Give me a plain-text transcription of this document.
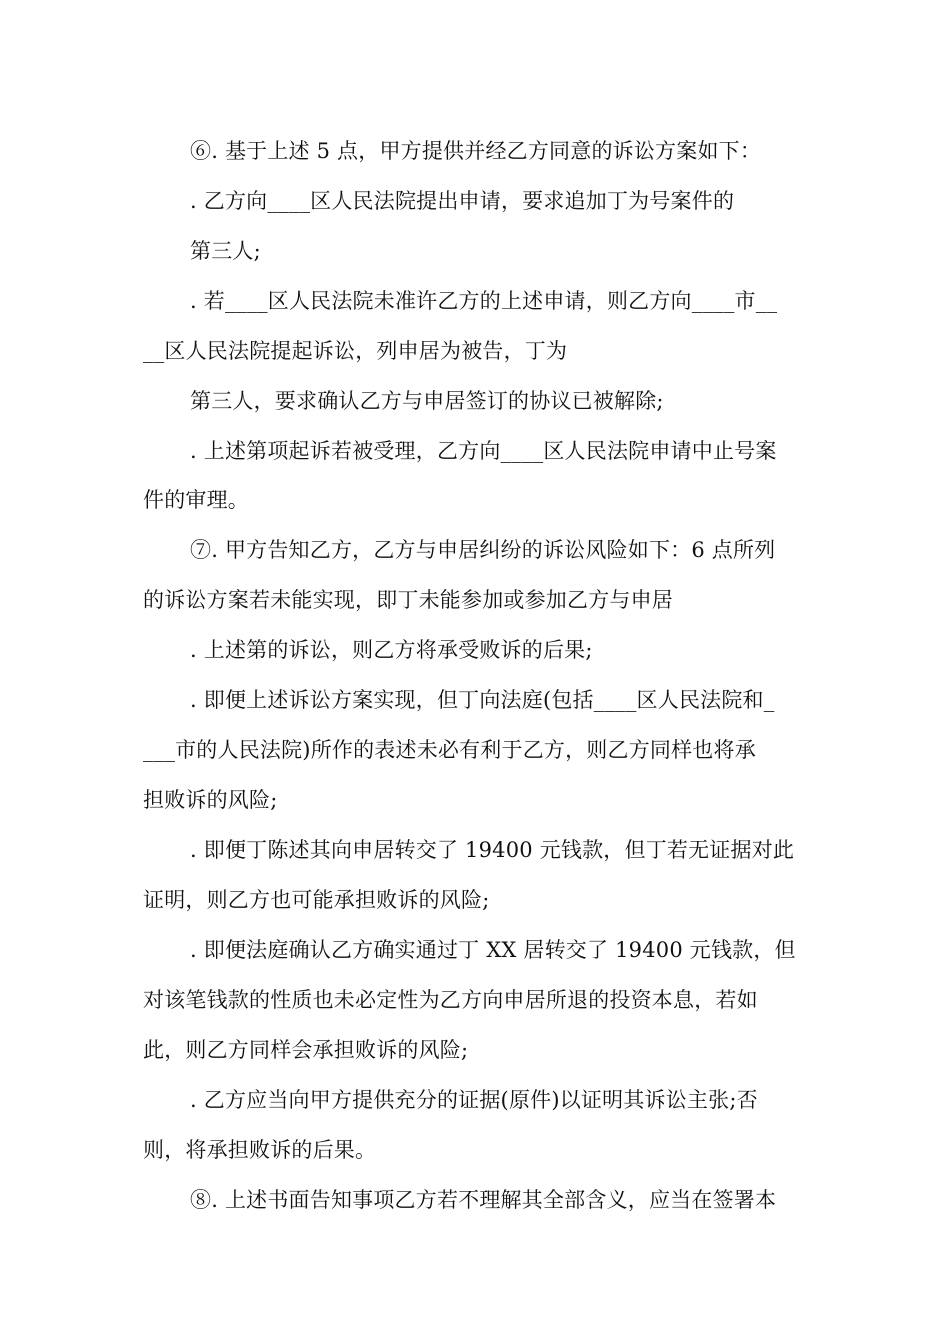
⑥. 基于上述 5 点，甲方提供并经乙方同意的诉讼方案如下：
. 乙方向____区人民法院提出申请，要求追加丁为号案件的
第三人;
. 若____区人民法院未准许乙方的上述申请，则乙方向____市__
__区人民法院提起诉讼，列申居为被告，丁为
第三人，要求确认乙方与申居签订的协议已被解除;
. 上述第项起诉若被受理，乙方向____区人民法院申请中止号案
件的审理。
⑦. 甲方告知乙方，乙方与申居纠纷的诉讼风险如下：6 点所列
的诉讼方案若未能实现，即丁未能参加或参加乙方与申居
. 上述第的诉讼，则乙方将承受败诉的后果;
. 即便上述诉讼方案实现，但丁向法庭(包括____区人民法院和_
___市的人民法院)所作的表述未必有利于乙方，则乙方同样也将承
担败诉的风险;
. 即便丁陈述其向申居转交了 19400 元钱款，但丁若无证据对此
证明，则乙方也可能承担败诉的风险;
. 即便法庭确认乙方确实通过丁 XX 居转交了 19400 元钱款，但
对该笔钱款的性质也未必定性为乙方向申居所退的投资本息，若如
此，则乙方同样会承担败诉的风险;
. 乙方应当向甲方提供充分的证据(原件)以证明其诉讼主张;否
则，将承担败诉的后果。
⑧. 上述书面告知事项乙方若不理解其全部含义，应当在签署本
